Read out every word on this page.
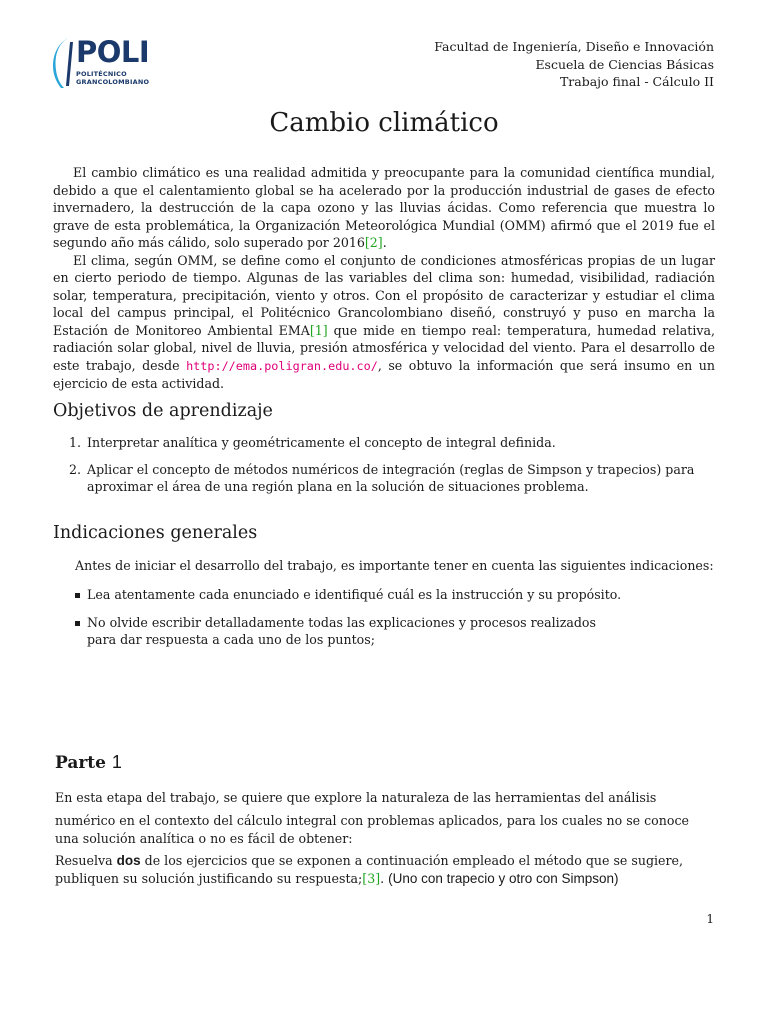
POLI
POLITÉCNICO
GRANCOLOMBIANO
Facultad de Ingeniería, Diseño e Innovación
Escuela de Ciencias Básicas
Trabajo final - Cálculo II
Cambio climático

El cambio climático es una realidad admitida y preocupante para la comunidad científica mundial, debido a que el calentamiento global se ha acelerado por la producción industrial de gases de efecto invernadero, la destrucción de la capa ozono y las lluvias ácidas. Como referencia que muestra lo grave de esta problemática, la Organización Meteorológica Mundial (OMM) afirmó que el 2019 fue el segundo año más cálido, solo superado por 2016[2].

El clima, según OMM, se define como el conjunto de condiciones atmosféricas propias de un lugar en cierto periodo de tiempo. Algunas de las variables del clima son: humedad, visibilidad, radiación solar, temperatura, precipitación, viento y otros. Con el propósito de caracterizar y estudiar el clima local del campus principal, el Politécnico Grancolombiano diseñó, construyó y puso en marcha la Estación de Monitoreo Ambiental EMA[1] que mide en tiempo real: temperatura, humedad relativa, radiación solar global, nivel de lluvia, presión atmosférica y velocidad del viento. Para el desarrollo de este trabajo, desde http://ema.poligran.edu.co/, se obtuvo la información que será insumo en un ejercicio de esta actividad.

Objetivos de aprendizaje
1. Interpretar analítica y geométricamente el concepto de integral definida.
2. Aplicar el concepto de métodos numéricos de integración (reglas de Simpson y trapecios) para aproximar el área de una región plana en la solución de situaciones problema.
Indicaciones generales
Antes de iniciar el desarrollo del trabajo, es importante tener en cuenta las siguientes indicaciones:
Lea atentamente cada enunciado e identifiqué cuál es la instrucción y su propósito.
No olvide escribir detalladamente todas las explicaciones y procesos realizados
para dar respuesta a cada uno de los puntos;
Parte 1
En esta etapa del trabajo, se quiere que explore la naturaleza de las herramientas del análisis
numérico en el contexto del cálculo integral con problemas aplicados, para los cuales no se conoce una solución analítica o no es fácil de obtener:
Resuelva dos de los ejercicios que se exponen a continuación empleado el método que se sugiere, publiquen su solución justificando su respuesta;[3]. (Uno con trapecio y otro con Simpson)
1
